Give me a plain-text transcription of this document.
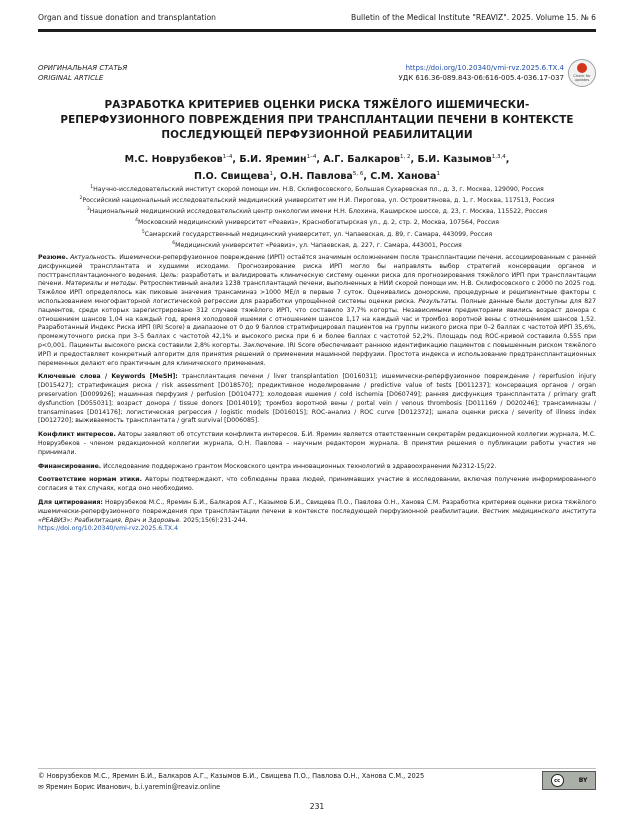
Organ and tissue donation and transplantation	Bulletin of the Medical Institute "REAVIZ". 2025. Volume 15. № 6
ОРИГИНАЛЬНАЯ СТАТЬЯ
ORIGINAL ARTICLE
https://doi.org/10.20340/vmi-rvz.2025.6.TX.4
УДК 616.36-089.843-06:616-005.4-036.17-037	Check for updates
РАЗРАБОТКА КРИТЕРИЕВ ОЦЕНКИ РИСКА ТЯЖЁЛОГО ИШЕМИЧЕСКИ-РЕПЕРФУЗИОННОГО ПОВРЕЖДЕНИЯ ПРИ ТРАНСПЛАНТАЦИИ ПЕЧЕНИ В КОНТЕКСТЕ ПОСЛЕДУЮЩЕЙ ПЕРФУЗИОННОЙ РЕАБИЛИТАЦИИ
М.С. Новрузбеков$^{1-4}$, Б.И. Яремин$^{1-4}$, А.Г. Балкаров$^{1, 2}$, Б.И. Казымов$^{1,3,4}$,
П.О. Свищева$^1$, О.Н. Павлова$^{5, 6}$, С.М. Ханова$^1$
$^1$Научно-исследовательский институт скорой помощи им. Н.В. Склифосовского, Большая Сухаревская пл., д. 3, г. Москва, 129090, Россия
$^2$Российский национальный исследовательский медицинский университет им Н.И. Пирогова, ул. Островитянова, д. 1, г. Москва, 117513, Россия
$^3$Национальный медицинский исследовательский центр онкологии имени Н.Н. Блохина, Каширское шоссе, д. 23, г. Москва, 115522, Россия
$^4$Московский медицинский университет «Реавиз», Краснобогатырская ул., д. 2, стр. 2, Москва, 107564, Россия
$^5$Самарский государственный медицинский университет, ул. Чапаевская, д. 89, г. Самара, 443099, Россия
$^6$Медицинский университет «Реавиз», ул. Чапаевская, д. 227, г. Самара, 443001, Россия

Резюме. Актуальность. Ишемически-реперфузионное повреждение (ИРП) остаётся значимым осложнением после трансплантации печени, ассоциированным с ранней дисфункцией трансплантата и худшими исходами. Прогнозирование риска ИРП могло бы направлять выбор стратегий консервации органов и посттрансплантационного ведения. Цель: разработать и валидировать клиническую систему оценки риска для прогнозирования тяжёлого ИРП при трансплантации печени. Материалы и методы. Ретроспективный анализ 1238 трансплантаций печени, выполненных в НИИ скорой помощи им. Н.В. Склифосовского с 2000 по 2025 год. Тяжёлое ИРП определялось как пиковые значения трансаминаз >1000 МЕ/л в первые 7 суток. Оценивались донорские, процедурные и реципиентные факторы с использованием многофакторной логистической регрессии для разработки упрощённой системы оценки риска. Результаты. Полные данные были доступны для 827 пациентов, среди которых зарегистрировано 312 случаев тяжёлого ИРП, что составило 37,7% когорты. Независимыми предикторами явились возраст донора с отношением шансов 1,04 на каждый год, время холодовой ишемии с отношением шансов 1,17 на каждый час и тромбоз воротной вены с отношением шансов 1,52. Разработанный Индекс Риска ИРП (IRI Score) в диапазоне от 0 до 9 баллов стратифицировал пациентов на группы низкого риска при 0–2 баллах с частотой ИРП 35,6%, промежуточного риска при 3–5 баллах с частотой 42,1% и высокого риска при 6 и более баллах с частотой 52,2%. Площадь под ROC-кривой составила 0,555 при p<0,001. Пациенты высокого риска составили 2,8% когорты. Заключение. IRI Score обеспечивает раннюю идентификацию пациентов с повышенным риском тяжёлого ИРП и предоставляет конкретный алгоритм для принятия решений о применении машинной перфузии. Простота индекса и использование предтрансплантационных переменных делают его практичным для клинического применения.

Ключевые слова / Keywords [MeSH]: трансплантация печени / liver transplantation [D016031]; ишемически-реперфузионное повреждение / reperfusion injury [D015427]; стратификация риска / risk assessment [D018570]; предиктивное моделирование / predictive value of tests [D011237]; консервация органов / organ preservation [D009926]; машинная перфузия / perfusion [D010477]; холодовая ишемия / cold ischemia [D060749]; ранняя дисфункция трансплантата / primary graft dysfunction [D055031]; возраст донора / tissue donors [D014019]; тромбоз воротной вены / portal vein / venous thrombosis [D011169 / D020246]; трансаминазы / transaminases [D014176]; логистическая регрессия / logistic models [D016015]; ROC-анализ / ROC curve [D012372]; шкала оценки риска / severity of illness index [D012720]; выживаемость трансплантата / graft survival [D006085].

Конфликт интересов. Авторы заявляют об отсутствии конфликта интересов. Б.И. Яремин является ответственным секретарём редакционной коллегии журнала, М.С. Новрузбеков - членом редакционной коллегии журнала, О.Н. Павлова – научным редактором журнала. В принятии решения о публикации работы участия не принимали.

Финансирование. Исследование поддержано грантом Московского центра инновационных технологий в здравоохранении №2312-15/22.

Соответствие нормам этики. Авторы подтверждают, что соблюдены права людей, принимавших участие в исследовании, включая получение информированного согласия в тех случаях, когда оно необходимо.

Для цитирования: Новрузбеков М.С., Яремин Б.И., Балкаров А.Г., Казымов Б.И., Свищева П.О., Павлова О.Н., Ханова С.М. Разработка критериев оценки риска тяжёлого ишемически-реперфузионного повреждения при трансплантации печени в контексте последующей перфузионной реабилитации. Вестник медицинского института «РЕАВИЗ»: Реабилитация, Врач и Здоровье. 2025;15(6):231-244.
https://doi.org/10.20340/vmi-rvz.2025.6.TX.4

© Новрузбеков М.С., Яремин Б.И., Балкаров А.Г., Казымов Б.И., Свищева П.О., Павлова О.Н., Ханова С.М., 2025
✉ Яремин Борис Иванович, b.i.yaremin@reaviz.online
cc	BY
231
